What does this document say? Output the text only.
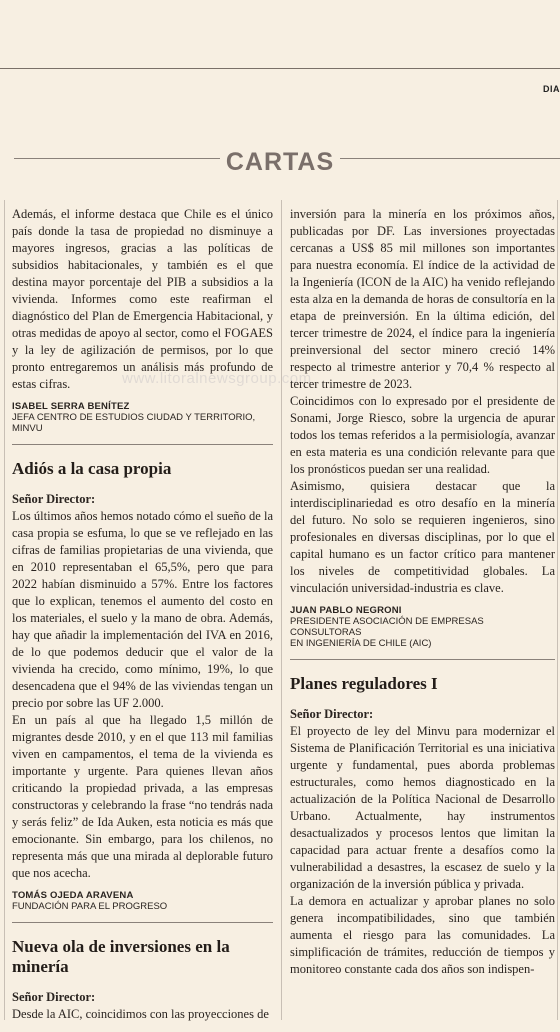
DIA
CARTAS
www.litoralnewsgroup.com

Además, el informe destaca que Chile es el único país donde la tasa de propiedad no disminuye a mayores ingresos, gracias a las políticas de subsidios habitacionales, y también es el que destina mayor porcentaje del PIB a subsidios a la vivienda. Informes como este reafirman el diagnóstico del Plan de Emergencia Habitacional, y otras medidas de apoyo al sector, como el FOGAES y la ley de agilización de permisos, por lo que pronto entregaremos un análisis más profundo de estas cifras.

ISABEL SERRA BENÍTEZ

JEFA CENTRO DE ESTUDIOS CIUDAD Y TERRITORIO, MINVU

Adiós a la casa propia

Señor Director:

Los últimos años hemos notado cómo el sueño de la casa propia se esfuma, lo que se ve reflejado en las cifras de familias propietarias de una vivienda, que en 2010 representaban el 65,5%, pero que para 2022 habían disminuido a 57%. Entre los factores que lo explican, tenemos el aumento del costo en los materiales, el suelo y la mano de obra. Además, hay que añadir la implementación del IVA en 2016, de lo que podemos deducir que el valor de la vivienda ha crecido, como mínimo, 19%, lo que desencadena que el 94% de las viviendas tengan un precio por sobre las UF 2.000.

En un país al que ha llegado 1,5 millón de migrantes desde 2010, y en el que 113 mil familias viven en campamentos, el tema de la vivienda es importante y urgente. Para quienes llevan años criticando la propiedad privada, a las empresas constructoras y celebrando la frase “no tendrás nada y serás feliz” de Ida Auken, esta noticia es más que emocionante. Sin embargo, para los chilenos, no representa más que una mirada al deplorable futuro que nos acecha.

TOMÁS OJEDA ARAVENA

FUNDACIÓN PARA EL PROGRESO

Nueva ola de inversiones en la minería

Señor Director:

Desde la AIC, coincidimos con las proyecciones de

inversión para la minería en los próximos años, publicadas por DF. Las inversiones proyectadas cercanas a US$ 85 mil millones son importantes para nuestra economía. El índice de la actividad de la Ingeniería (ICON de la AIC) ha venido reflejando esta alza en la demanda de horas de consultoría en la etapa de preinversión. En la última edición, del tercer trimestre de 2024, el índice para la ingeniería preinversional del sector minero creció 14% respecto al trimestre anterior y 70,4 % respecto al tercer trimestre de 2023.

Coincidimos con lo expresado por el presidente de Sonami, Jorge Riesco, sobre la urgencia de apurar todos los temas referidos a la permisiología, avanzar en esta materia es una condición relevante para que los pronósticos puedan ser una realidad.

Asimismo, quisiera destacar que la interdisciplinariedad es otro desafío en la minería del futuro. No solo se requieren ingenieros, sino profesionales en diversas disciplinas, por lo que el capital humano es un factor crítico para mantener los niveles de competitividad globales. La vinculación universidad-industria es clave.

JUAN PABLO NEGRONI

PRESIDENTE ASOCIACIÓN DE EMPRESAS CONSULTORAS

EN INGENIERÍA DE CHILE (AIC)

Planes reguladores I

Señor Director:

El proyecto de ley del Minvu para modernizar el Sistema de Planificación Territorial es una iniciativa urgente y fundamental, pues aborda problemas estructurales, como hemos diagnosticado en la actualización de la Política Nacional de Desarrollo Urbano. Actualmente, hay instrumentos desactualizados y procesos lentos que limitan la capacidad para actuar frente a desafíos como la vulnerabilidad a desastres, la escasez de suelo y la organización de la inversión pública y privada.

La demora en actualizar y aprobar planes no solo genera incompatibilidades, sino que también aumenta el riesgo para las comunidades. La simplificación de trámites, reducción de tiempos y monitoreo constante cada dos años son indispen-
